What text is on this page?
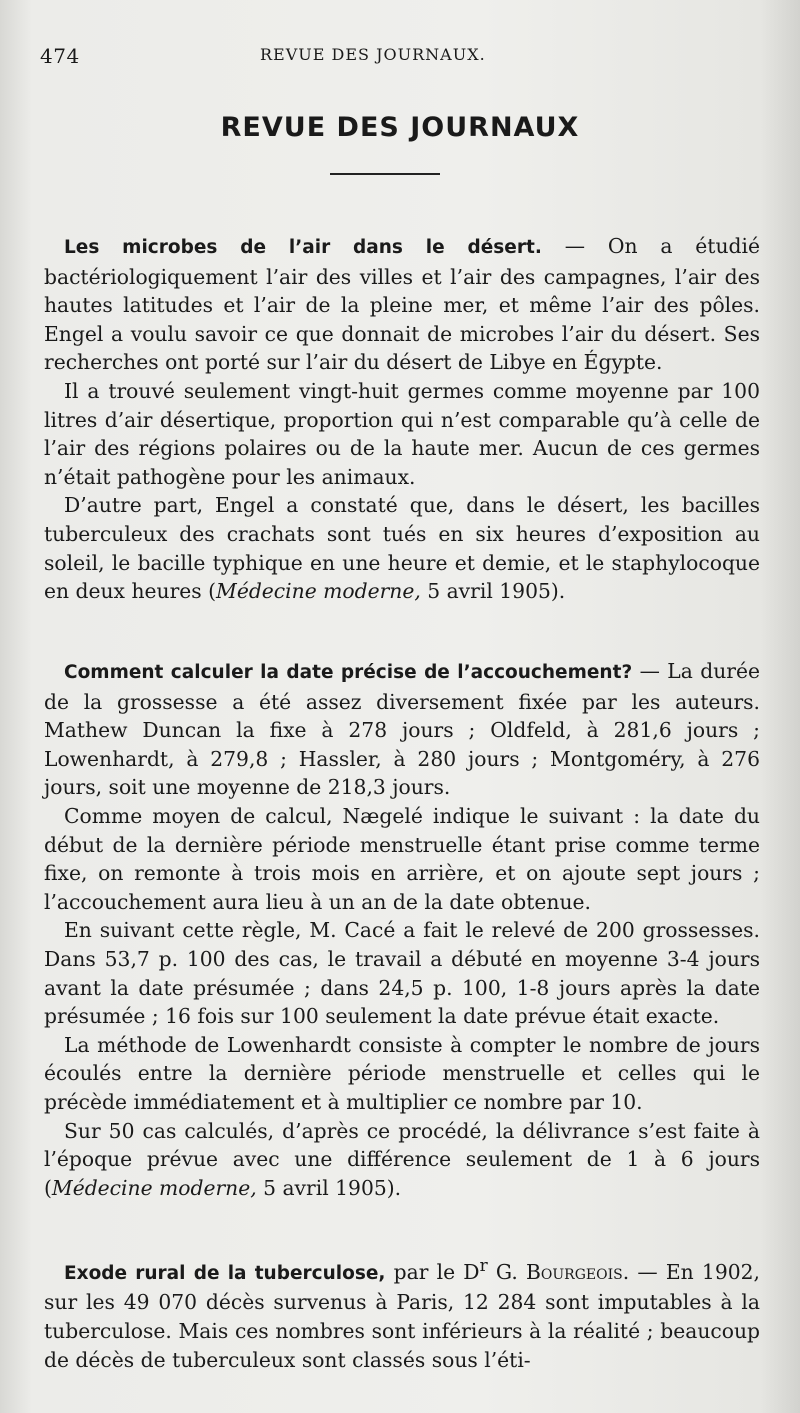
474	REVUE DES JOURNAUX.
REVUE DES JOURNAUX

Les microbes de l’air dans le désert. — On a étudié bactériologiquement l’air des villes et l’air des campagnes, l’air des hautes latitudes et l’air de la pleine mer, et même l’air des pôles. Engel a voulu savoir ce que donnait de microbes l’air du désert. Ses recherches ont porté sur l’air du désert de Libye en Égypte.

Il a trouvé seulement vingt-huit germes comme moyenne par 100 litres d’air désertique, proportion qui n’est comparable qu’à celle de l’air des régions polaires ou de la haute mer. Aucun de ces germes n’était pathogène pour les animaux.

D’autre part, Engel a constaté que, dans le désert, les bacilles tuberculeux des crachats sont tués en six heures d’exposition au soleil, le bacille typhique en une heure et demie, et le staphylocoque en deux heures (Médecine moderne, 5 avril 1905).

Comment calculer la date précise de l’accouchement? — La durée de la grossesse a été assez diversement fixée par les auteurs. Mathew Duncan la fixe à 278 jours ; Oldfeld, à 281,6 jours ; Lowenhardt, à 279,8 ; Hassler, à 280 jours ; Montgoméry, à 276 jours, soit une moyenne de 218,3 jours.

Comme moyen de calcul, Nægelé indique le suivant : la date du début de la dernière période menstruelle étant prise comme terme fixe, on remonte à trois mois en arrière, et on ajoute sept jours ; l’accouchement aura lieu à un an de la date obtenue.

En suivant cette règle, M. Cacé a fait le relevé de 200 grossesses. Dans 53,7 p. 100 des cas, le travail a débuté en moyenne 3-4 jours avant la date présumée ; dans 24,5 p. 100, 1-8 jours après la date présumée ; 16 fois sur 100 seulement la date prévue était exacte.

La méthode de Lowenhardt consiste à compter le nombre de jours écoulés entre la dernière période menstruelle et celles qui le précède immédiatement et à multiplier ce nombre par 10.

Sur 50 cas calculés, d’après ce procédé, la délivrance s’est faite à l’époque prévue avec une différence seulement de 1 à 6 jours (Médecine moderne, 5 avril 1905).

Exode rural de la tuberculose, par le $D^r$ G. Bourgeois. — En 1902, sur les 49 070 décès survenus à Paris, 12 284 sont imputables à la tuberculose. Mais ces nombres sont inférieurs à la réalité ; beaucoup de décès de tuberculeux sont classés sous l’éti-
